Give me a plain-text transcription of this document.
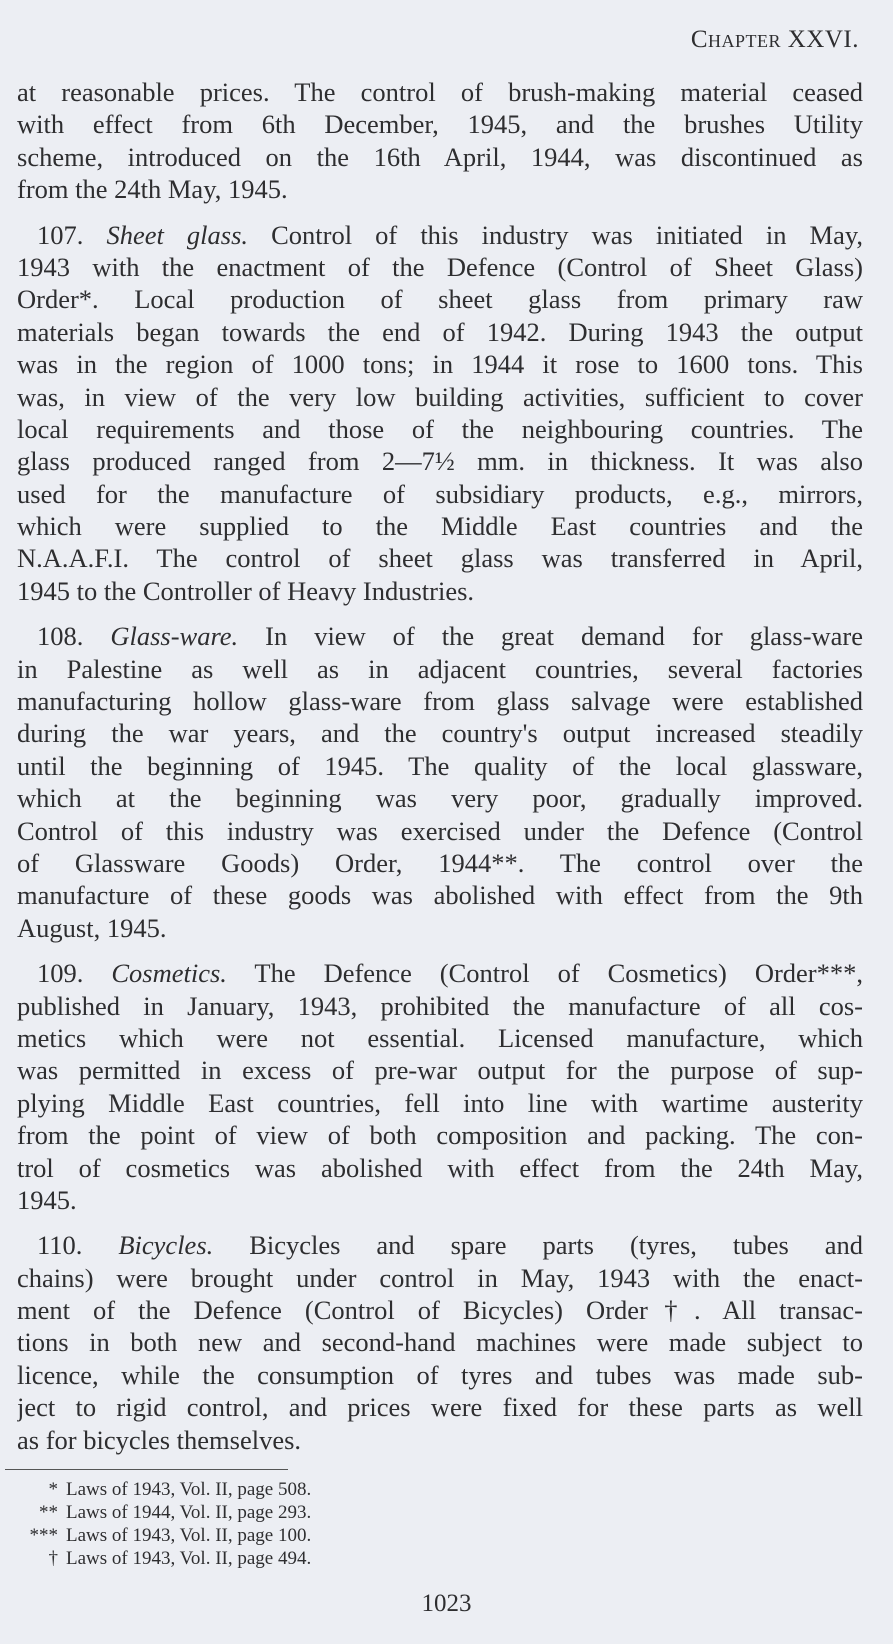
Chapter XXVI.
at reasonable prices. The control of brush-making material ceased
with effect from 6th December, 1945, and the brushes Utility
scheme, introduced on the 16th April, 1944, was discontinued as
from the 24th May, 1945.
107. Sheet glass. Control of this industry was initiated in May,
1943 with the enactment of the Defence (Control of Sheet Glass)
Order*. Local production of sheet glass from primary raw
materials began towards the end of 1942. During 1943 the output
was in the region of 1000 tons; in 1944 it rose to 1600 tons. This
was, in view of the very low building activities, sufficient to cover
local requirements and those of the neighbouring countries. The
glass produced ranged from 2—7½ mm. in thickness. It was also
used for the manufacture of subsidiary products, e.g., mirrors,
which were supplied to the Middle East countries and the
N.A.A.F.I. The control of sheet glass was transferred in April,
1945 to the Controller of Heavy Industries.
108. Glass-ware. In view of the great demand for glass-ware
in Palestine as well as in adjacent countries, several factories
manufacturing hollow glass-ware from glass salvage were established
during the war years, and the country's output increased steadily
until the beginning of 1945. The quality of the local glassware,
which at the beginning was very poor, gradually improved.
Control of this industry was exercised under the Defence (Control
of Glassware Goods) Order, 1944**. The control over the
manufacture of these goods was abolished with effect from the 9th
August, 1945.
109. Cosmetics. The Defence (Control of Cosmetics) Order***,
published in January, 1943, prohibited the manufacture of all cos-
metics which were not essential. Licensed manufacture, which
was permitted in excess of pre-war output for the purpose of sup-
plying Middle East countries, fell into line with wartime austerity
from the point of view of both composition and packing. The con-
trol of cosmetics was abolished with effect from the 24th May,
1945.
110. Bicycles. Bicycles and spare parts (tyres, tubes and
chains) were brought under control in May, 1943 with the enact-
ment of the Defence (Control of Bicycles) Order†. All transac-
tions in both new and second-hand machines were made subject to
licence, while the consumption of tyres and tubes was made sub-
ject to rigid control, and prices were fixed for these parts as well
as for bicycles themselves.
* Laws of 1943, Vol. II, page 508.
** Laws of 1944, Vol. II, page 293.
*** Laws of 1943, Vol. II, page 100.
† Laws of 1943, Vol. II, page 494.
1023
